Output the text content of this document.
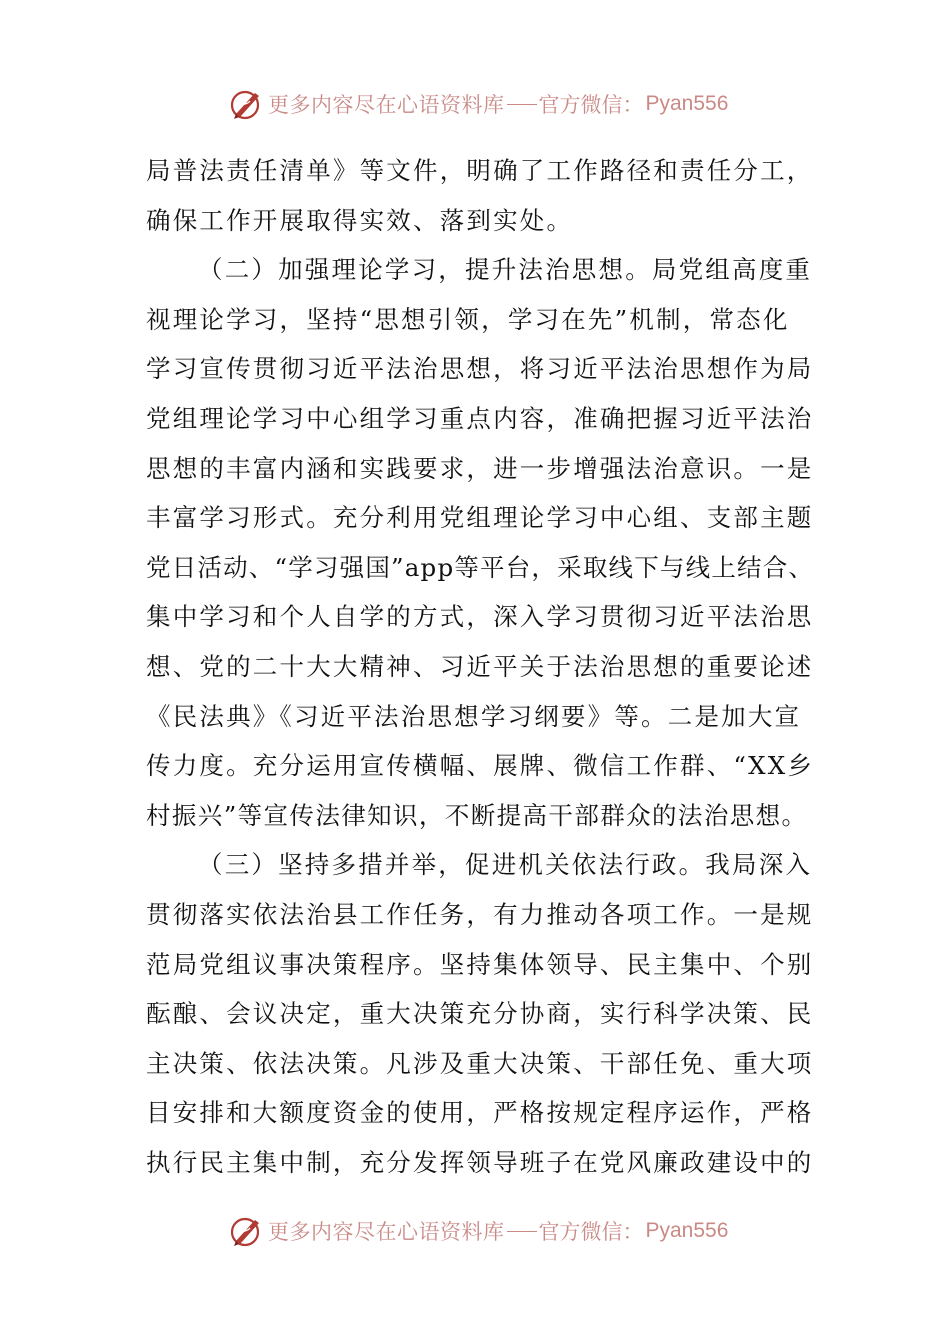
更多内容尽在心语资料库 官方微信： Pyan556
局普法责任清单》等文件，明确了工作路径和责任分工，
确保工作开展取得实效、落到实处。
（二）加强理论学习，提升法治思想。局党组高度重
视理论学习，坚持“思想引领，学习在先”机制，常态化
学习宣传贯彻习近平法治思想，将习近平法治思想作为局
党组理论学习中心组学习重点内容，准确把握习近平法治
思想的丰富内涵和实践要求，进一步增强法治意识。一是
丰富学习形式。充分利用党组理论学习中心组、支部主题
党日活动、“学习强国”app等平台，采取线下与线上结合、
集中学习和个人自学的方式，深入学习贯彻习近平法治思
想、党的二十大大精神、习近平关于法治思想的重要论述
《民法典》《习近平法治思想学习纲要》等。二是加大宣
传力度。充分运用宣传横幅、展牌、微信工作群、“XX乡
村振兴”等宣传法律知识，不断提高干部群众的法治思想。
（三）坚持多措并举，促进机关依法行政。我局深入
贯彻落实依法治县工作任务，有力推动各项工作。一是规
范局党组议事决策程序。坚持集体领导、民主集中、个别
酝酿、会议决定，重大决策充分协商，实行科学决策、民
主决策、依法决策。凡涉及重大决策、干部任免、重大项
目安排和大额度资金的使用，严格按规定程序运作，严格
执行民主集中制，充分发挥领导班子在党风廉政建设中的
更多内容尽在心语资料库 官方微信： Pyan556
